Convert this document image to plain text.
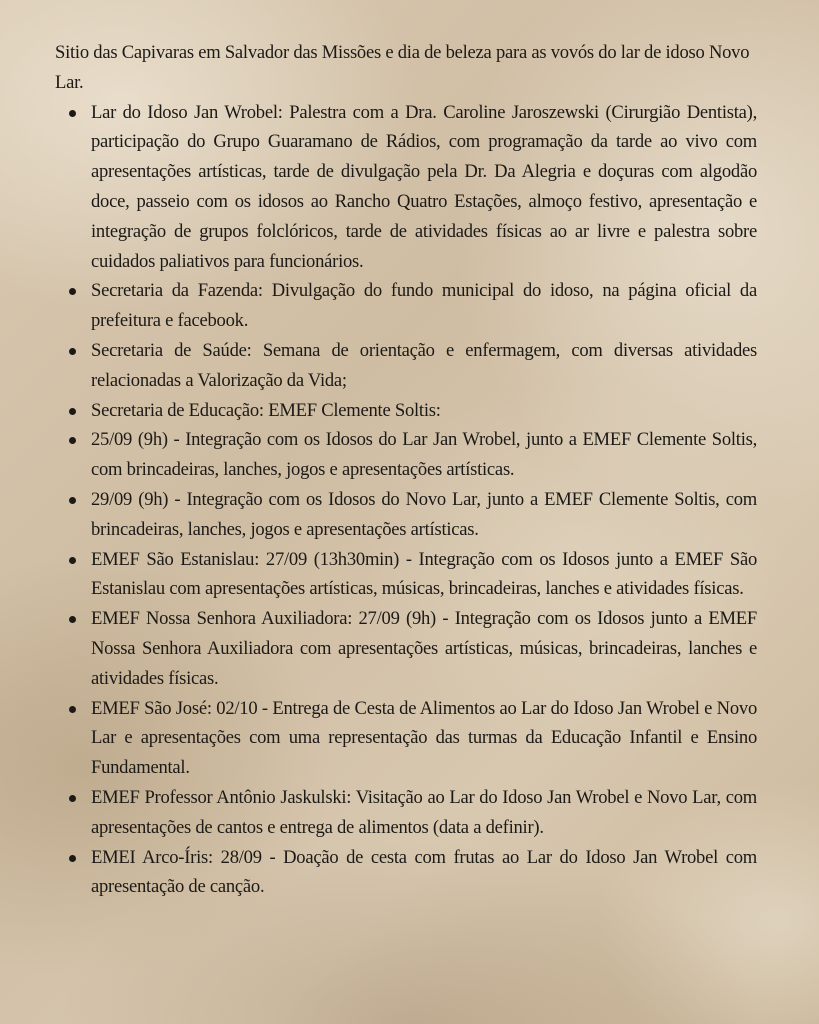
Sitio das Capivaras em Salvador das Missões e dia de beleza para as vovós do lar de idoso Novo Lar.

Lar do Idoso Jan Wrobel: Palestra com a Dra. Caroline Jaroszewski (Cirurgião Dentista), participação do Grupo Guaramano de Rádios, com programação da tarde ao vivo com apresentações artísticas, tarde de divulgação pela Dr. Da Alegria e doçuras com algodão doce, passeio com os idosos ao Rancho Quatro Estações, almoço festivo, apresentação e integração de grupos folclóricos, tarde de atividades físicas ao ar livre e palestra sobre cuidados paliativos para funcionários.
Secretaria da Fazenda: Divulgação do fundo municipal do idoso, na página oficial da prefeitura e facebook.
Secretaria de Saúde: Semana de orientação e enfermagem, com diversas atividades relacionadas a Valorização da Vida;
Secretaria de Educação: EMEF Clemente Soltis:
25/09 (9h) - Integração com os Idosos do Lar Jan Wrobel, junto a EMEF Clemente Soltis, com brincadeiras, lanches, jogos e apresentações artísticas.
29/09 (9h) - Integração com os Idosos do Novo Lar, junto a EMEF Clemente Soltis, com brincadeiras, lanches, jogos e apresentações artísticas.
EMEF São Estanislau: 27/09 (13h30min) - Integração com os Idosos junto a EMEF São Estanislau com apresentações artísticas, músicas, brincadeiras, lanches e atividades físicas.
EMEF Nossa Senhora Auxiliadora: 27/09 (9h) - Integração com os Idosos junto a EMEF Nossa Senhora Auxiliadora com apresentações artísticas, músicas, brincadeiras, lanches e atividades físicas.
EMEF São José: 02/10 - Entrega de Cesta de Alimentos ao Lar do Idoso Jan Wrobel e Novo Lar e apresentações com uma representação das turmas da Educação Infantil e Ensino Fundamental.
EMEF Professor Antônio Jaskulski: Visitação ao Lar do Idoso Jan Wrobel e Novo Lar, com apresentações de cantos e entrega de alimentos (data a definir).
EMEI Arco-Íris: 28/09 - Doação de cesta com frutas ao Lar do Idoso Jan Wrobel com apresentação de canção.
